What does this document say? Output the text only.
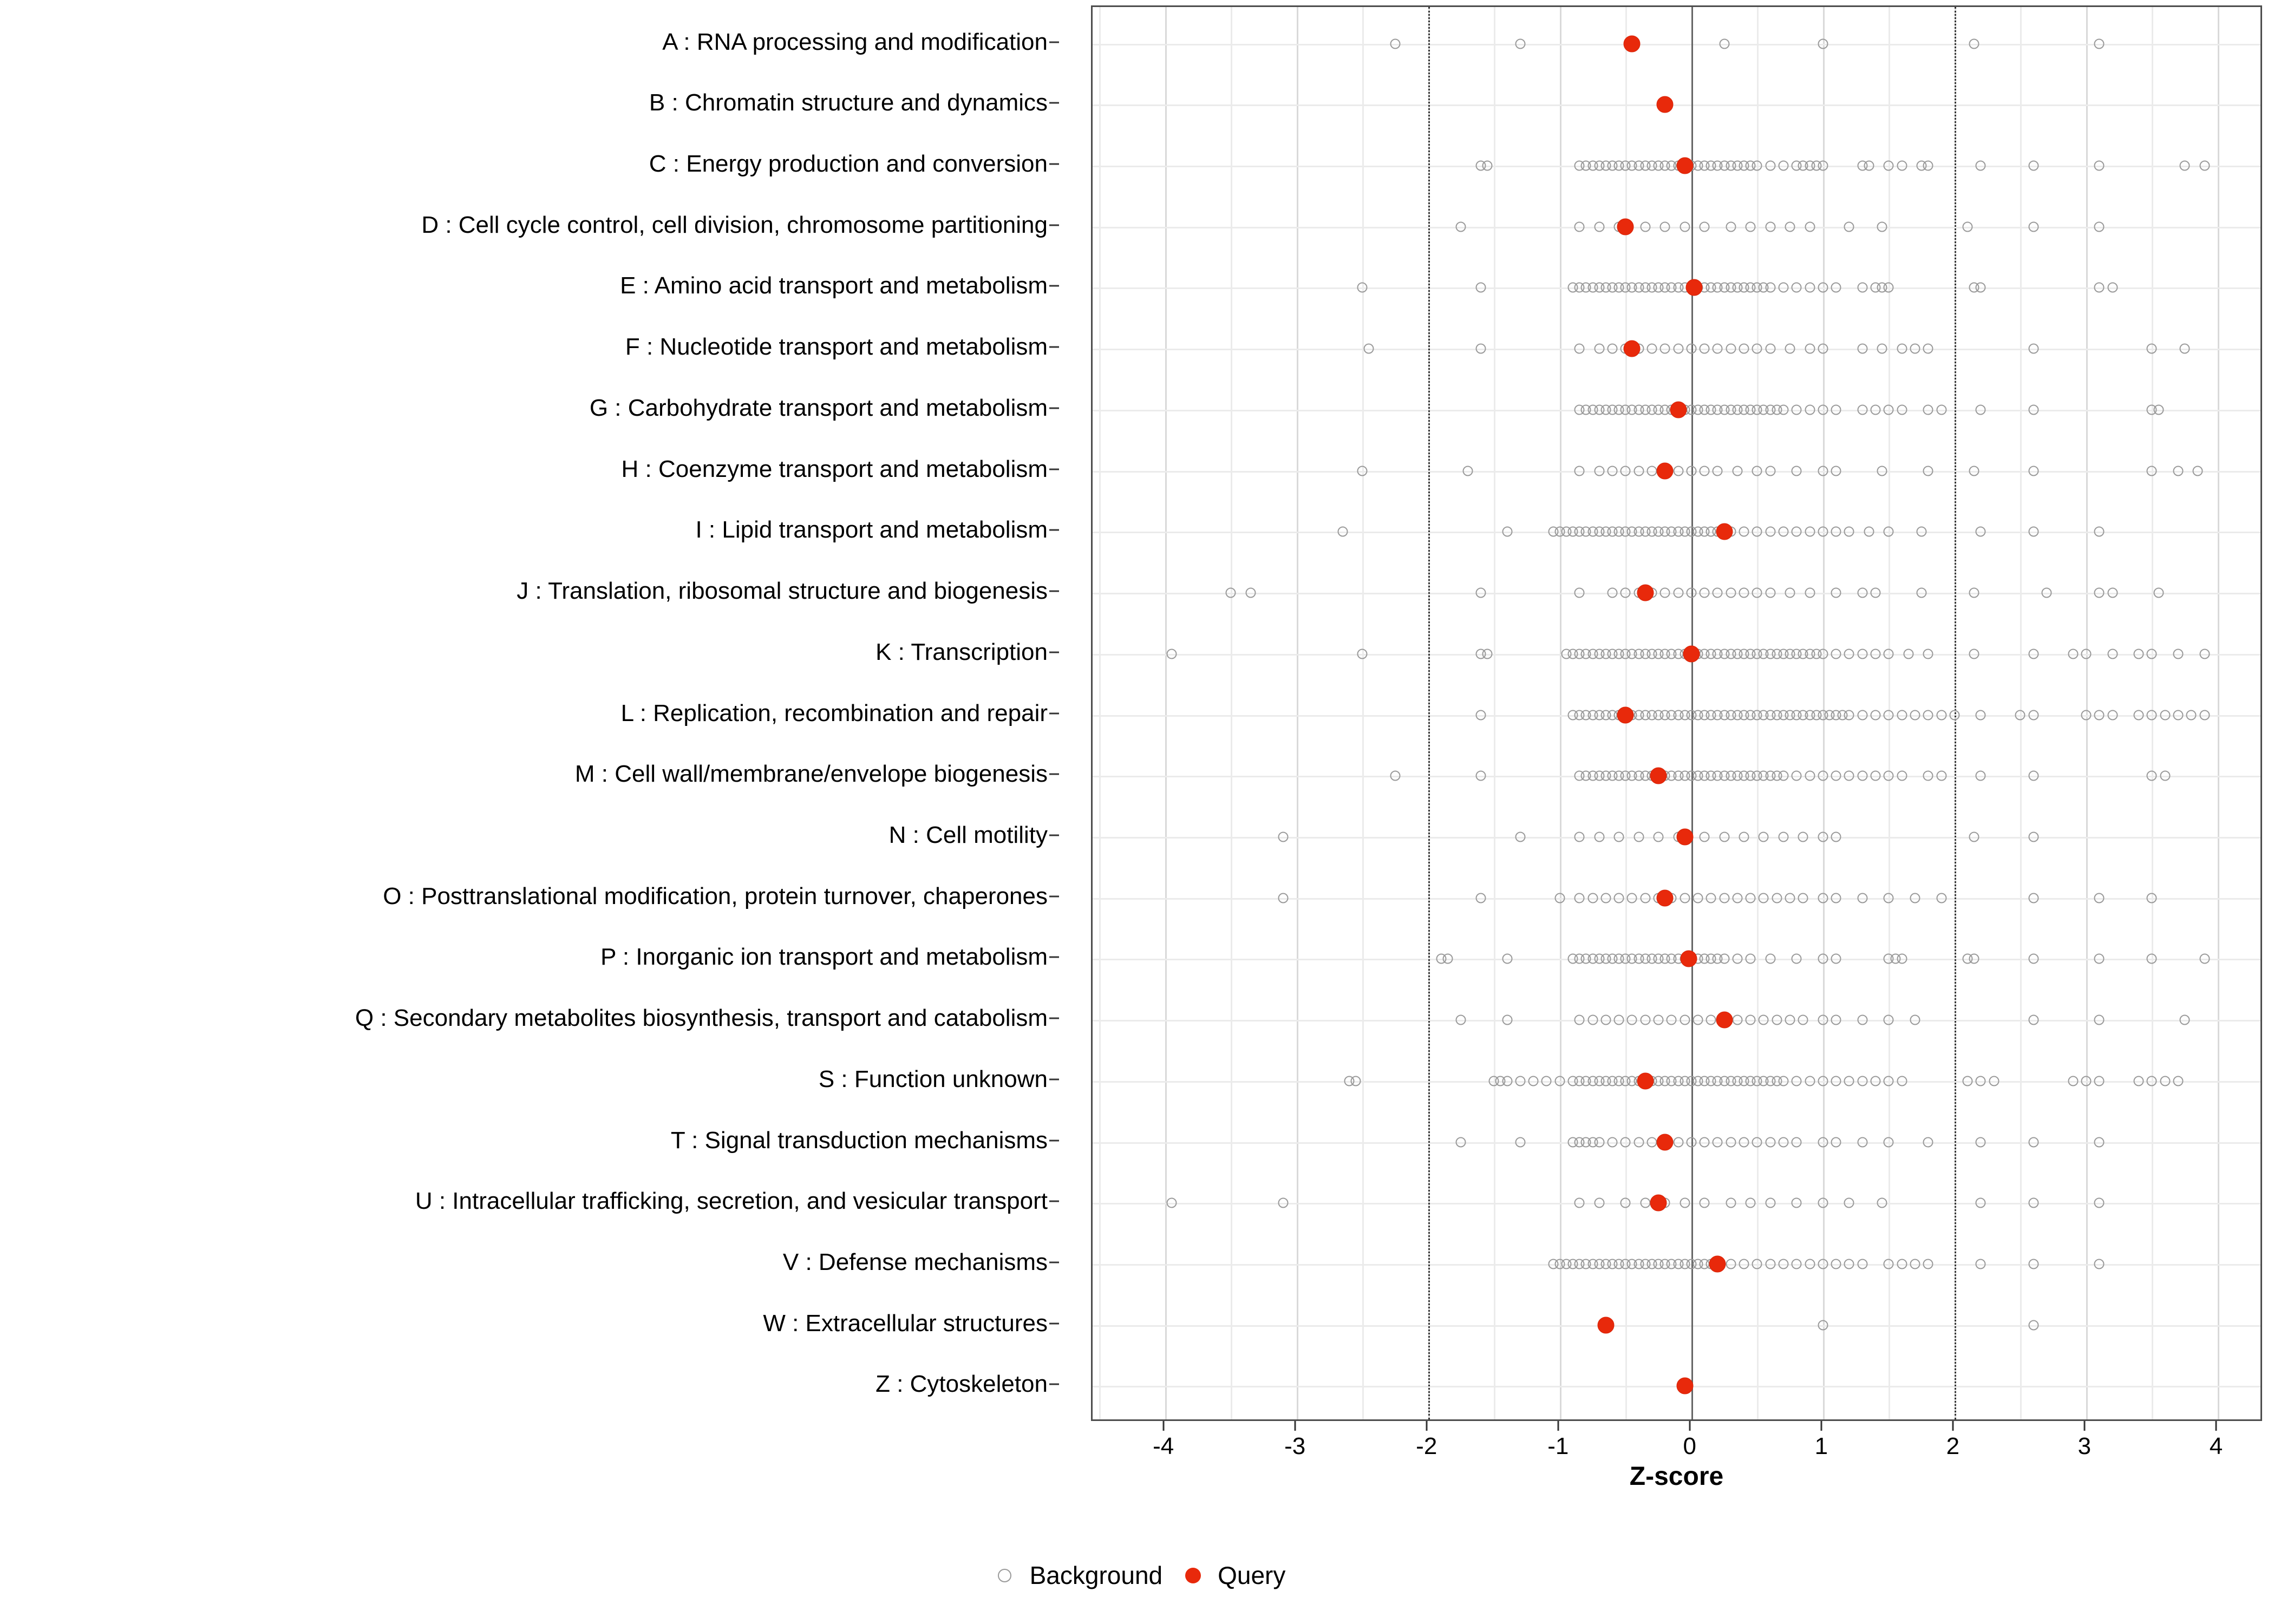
A : RNA processing and modification
B : Chromatin structure and dynamics
C : Energy production and conversion
D : Cell cycle control, cell division, chromosome partitioning
E : Amino acid transport and metabolism
F : Nucleotide transport and metabolism
G : Carbohydrate transport and metabolism
H : Coenzyme transport and metabolism
I : Lipid transport and metabolism
J : Translation, ribosomal structure and biogenesis
K : Transcription
L : Replication, recombination and repair
M : Cell wall/membrane/envelope biogenesis
N : Cell motility
O : Posttranslational modification, protein turnover, chaperones
P : Inorganic ion transport and metabolism
Q : Secondary metabolites biosynthesis, transport and catabolism
S : Function unknown
T : Signal transduction mechanisms
U : Intracellular trafficking, secretion, and vesicular transport
V : Defense mechanisms
W : Extracellular structures
Z : Cytoskeleton
-4	-3	-2	-1	0	1	2	3	4
Z-score
Background Query
